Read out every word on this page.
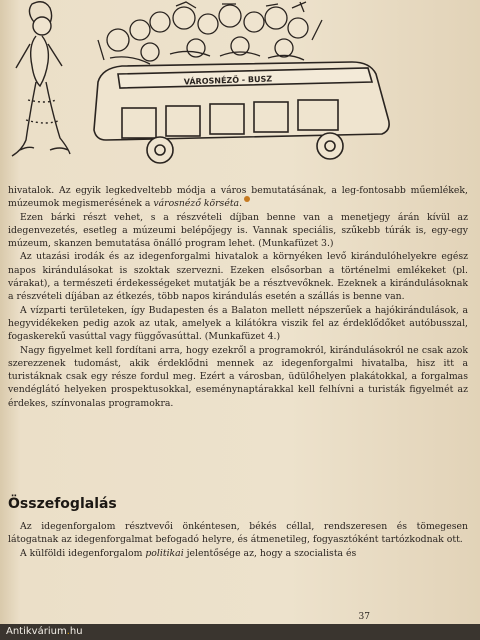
VÁROSNÉZŐ - BUSZ

hivatalok. Az egyik legkedveltebb módja a város bemutatásának, a leg-fontosabb műemlékek, múzeumok megismerésének a városnéző körséta.

Ezen bárki részt vehet, s a részvételi díjban benne van a menetjegy árán kívül az idegenvezetés, esetleg a múzeumi belépőjegy is. Vannak speciális, szűkebb túrák is, egy-egy múzeum, skanzen bemutatása önálló program lehet. (Munkafüzet 3.)

Az utazási irodák és az idegenforgalmi hivatalok a környéken levő kirándulóhelyekre egész napos kirándulásokat is szoktak szervezni. Ezeken elsősorban a történelmi emlékeket (pl. várakat), a természeti érdekességeket mutatják be a résztvevőknek. Ezeknek a kirándulásoknak a részvételi díjában az étkezés, több napos kirándulás esetén a szállás is benne van.

A vízparti területeken, így Budapesten és a Balaton mellett népszerűek a hajókirándulások, a hegyvidékeken pedig azok az utak, amelyek a kilátókra viszik fel az érdeklődőket autóbusszal, fogaskerekű vasúttal vagy függővasúttal. (Munkafüzet 4.)

Nagy figyelmet kell fordítani arra, hogy ezekről a programokról, kirándulásokról ne csak azok szerezzenek tudomást, akik érdeklődni mennek az idegenforgalmi hivatalba, hisz itt a turistáknak csak egy része fordul meg. Ezért a városban, üdülőhelyen plakátokkal, a forgalmas vendéglátó helyeken prospektusokkal, eseménynaptárakkal kell felhívni a turisták figyelmét az érdekes, színvonalas programokra.

Összefoglalás

Az idegenforgalom résztvevői önkéntesen, békés céllal, rendszeresen és tömegesen látogatnak az idegenforgalmat befogadó helyre, és átmenetileg, fogyasztóként tartózkodnak ott.

A külföldi idegenforgalom politikai jelentősége az, hogy a szocialista és

37
Antikvárium.hu
